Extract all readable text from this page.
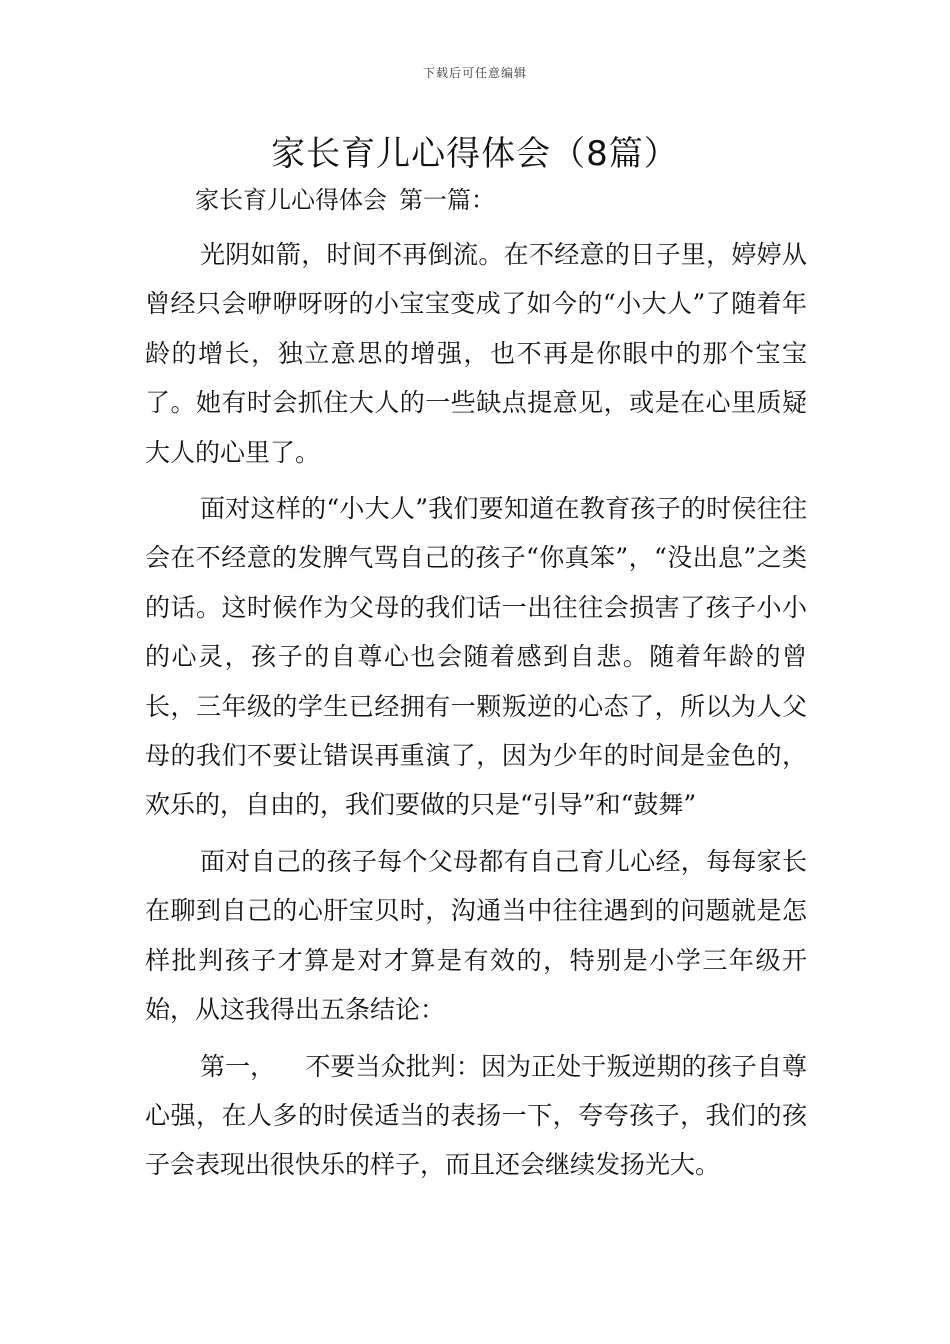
下载后可任意编辑
家长育儿心得体会（8篇）
家长育儿心得体会 第一篇：

光阴如箭，时间不再倒流。在不经意的日子里，婷婷从曾经只会咿咿呀呀的小宝宝变成了如今的“小大人”了随着年龄的增长，独立意思的增强，也不再是你眼中的那个宝宝了。她有时会抓住大人的一些缺点提意见，或是在心里质疑大人的心里了。

面对这样的“小大人”我们要知道在教育孩子的时侯往往会在不经意的发脾气骂自己的孩子“你真笨”，“没出息”之类的话。这时候作为父母的我们话一出往往会损害了孩子小小的心灵，孩子的自尊心也会随着感到自悲。随着年龄的曾长，三年级的学生已经拥有一颗叛逆的心态了，所以为人父母的我们不要让错误再重演了，因为少年的时间是金色的，欢乐的，自由的，我们要做的只是“引导”和“鼓舞”

面对自己的孩子每个父母都有自己育儿心经，每每家长在聊到自己的心肝宝贝时，沟通当中往往遇到的问题就是怎样批判孩子才算是对才算是有效的，特别是小学三年级开始，从这我得出五条结论：

第一， 不要当众批判：因为正处于叛逆期的孩子自尊心强，在人多的时侯适当的表扬一下，夸夸孩子，我们的孩子会表现出很快乐的样子，而且还会继续发扬光大。
